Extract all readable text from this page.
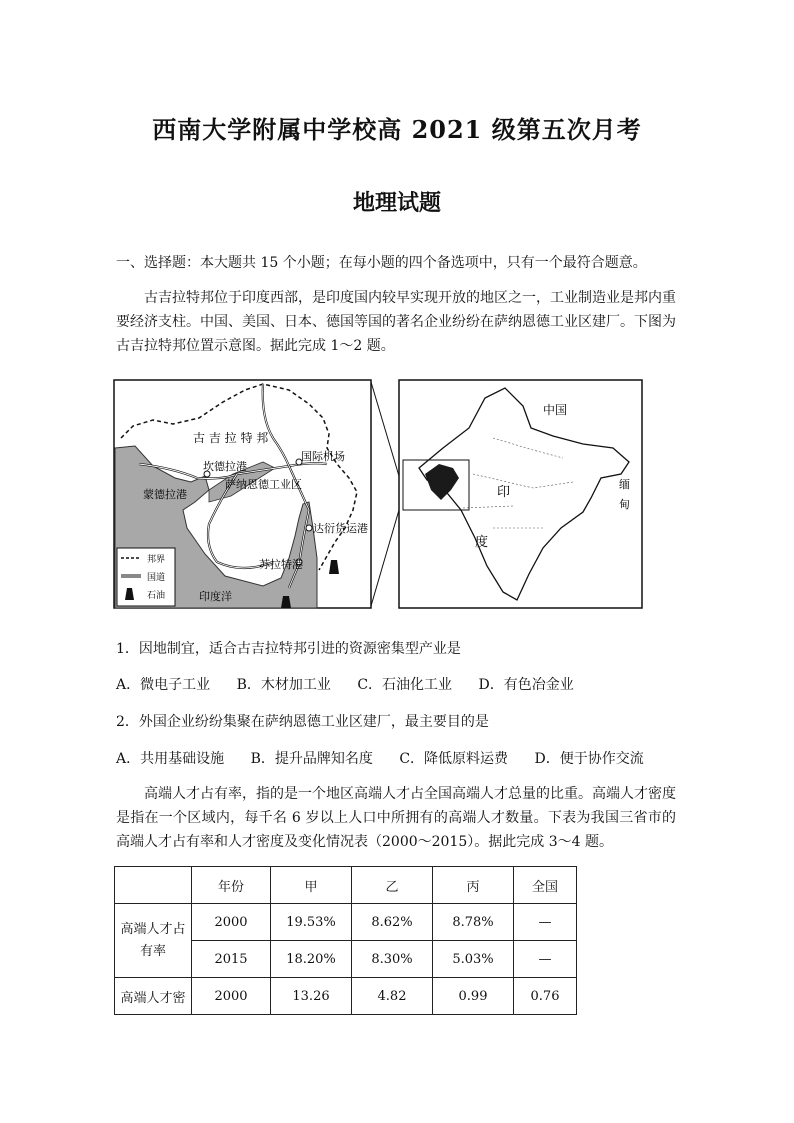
西南大学附属中学校高 2021 级第五次月考
地理试题
一、选择题：本大题共 15 个小题；在每小题的四个备选项中，只有一个最符合题意。

古吉拉特邦位于印度西部，是印度国内较早实现开放的地区之一，工业制造业是邦内重要经济支柱。中国、美国、日本、德国等国的著名企业纷纷在萨纳恩德工业区建厂。下图为古吉拉特邦位置示意图。据此完成 1～2 题。

古 吉 拉 特 邦
坎德拉港
蒙德拉港
国际机场
萨纳恩德工业区
达衍货运港
苏拉特港
印度洋
邦界
国道
石油
中国
印
度
缅
甸
1．因地制宜，适合古吉拉特邦引进的资源密集型产业是
A．微电子工业 B．木材加工业 C．石油化工业 D．有色冶金业
2．外国企业纷纷集聚在萨纳恩德工业区建厂，最主要目的是
A．共用基础设施 B．提升品牌知名度 C．降低原料运费 D．便于协作交流

高端人才占有率，指的是一个地区高端人才占全国高端人才总量的比重。高端人才密度是指在一个区域内，每千名 6 岁以上人口中所拥有的高端人才数量。下表为我国三省市的高端人才占有率和人才密度及变化情况表（2000～2015）。据此完成 3～4 题。

	年份	甲	乙	丙	全国
高端人才占有率	2000	19.53%	8.62%	8.78%	—
	2015	18.20%	8.30%	5.03%	—
高端人才密	2000	13.26	4.82	0.99	0.76
